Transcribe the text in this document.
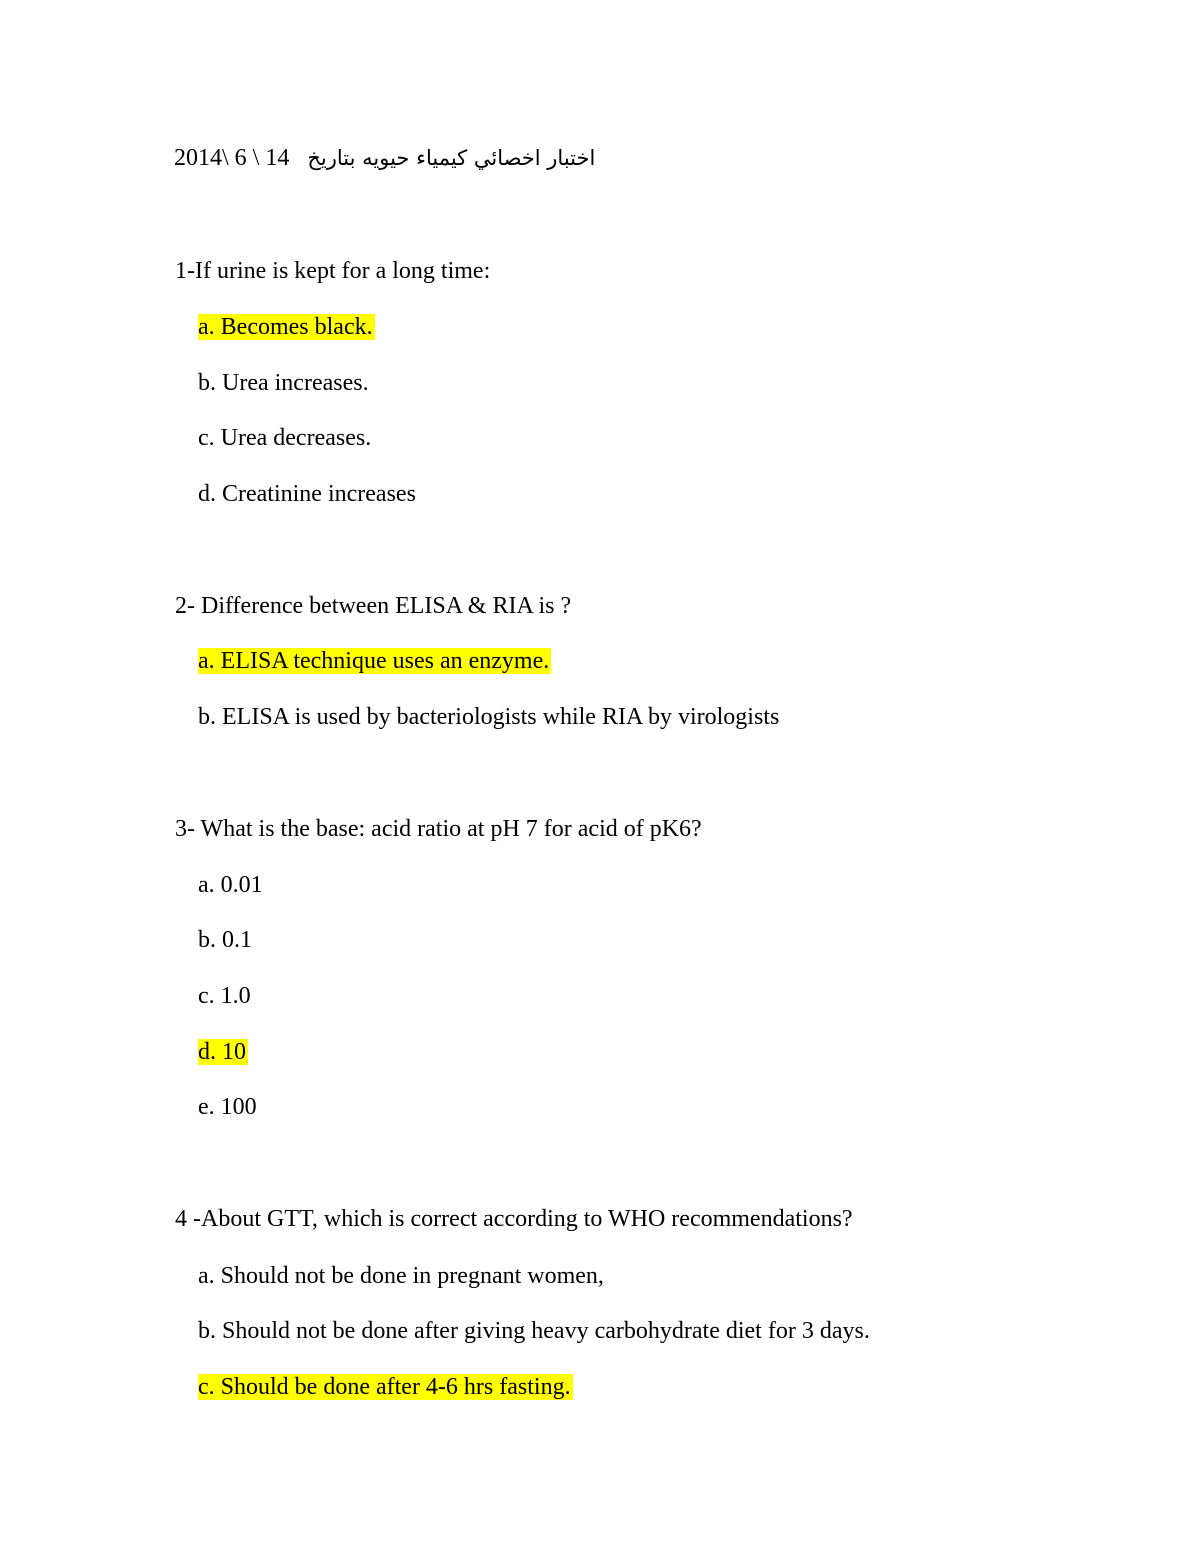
اختبار اخصائي كيمياء حيويه بتاريخ   2014\ 6 \ 14
1-If urine is kept for a long time:
a. Becomes black.
b. Urea increases.
c. Urea decreases.
d. Creatinine increases
2- Difference between ELISA & RIA is ?
a. ELISA technique uses an enzyme.
b. ELISA is used by bacteriologists while RIA by virologists
3- What is the base: acid ratio at pH 7 for acid of pK6?
a. 0.01
b. 0.1
c. 1.0
d. 10
e. 100
4 -About GTT, which is correct according to WHO recommendations?
a. Should not be done in pregnant women,
b. Should not be done after giving heavy carbohydrate diet for 3 days.
c. Should be done after 4-6 hrs fasting.
